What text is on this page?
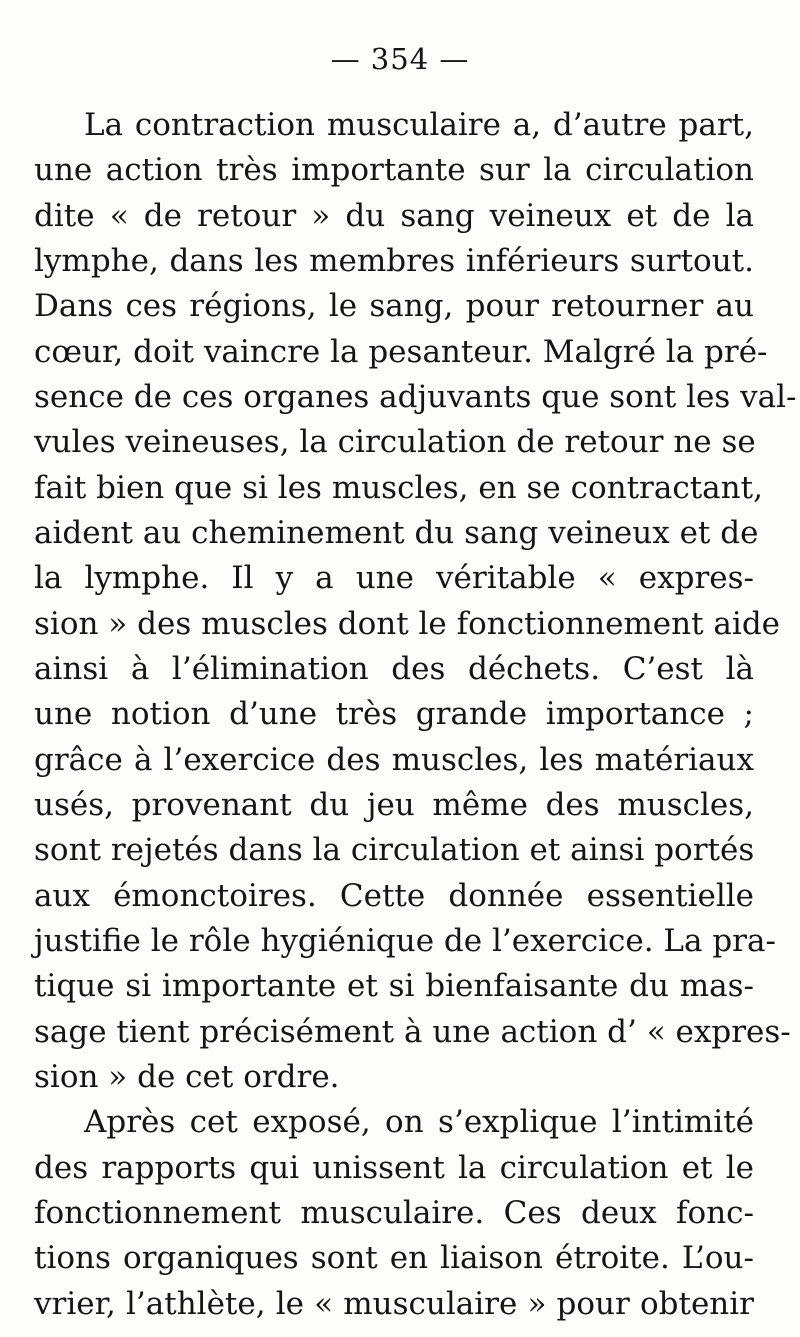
— 354 —
La contraction musculaire a, d’autre part,
une action très importante sur la circulation
dite « de retour » du sang veineux et de la
lymphe, dans les membres inférieurs surtout.
Dans ces régions, le sang, pour retourner au
cœur, doit vaincre la pesanteur. Malgré la pré-
sence de ces organes adjuvants que sont les val-
vules veineuses, la circulation de retour ne se
fait bien que si les muscles, en se contractant,
aident au cheminement du sang veineux et de
la lymphe. Il y a une véritable « expres-
sion » des muscles dont le fonctionnement aide
ainsi à l’élimination des déchets. C’est là
une notion d’une très grande importance ;
grâce à l’exercice des muscles, les matériaux
usés, provenant du jeu même des muscles,
sont rejetés dans la circulation et ainsi portés
aux émonctoires. Cette donnée essentielle
justifie le rôle hygiénique de l’exercice. La pra-
tique si importante et si bienfaisante du mas-
sage tient précisément à une action d’ « expres-
sion » de cet ordre.
Après cet exposé, on s’explique l’intimité
des rapports qui unissent la circulation et le
fonctionnement musculaire. Ces deux fonc-
tions organiques sont en liaison étroite. L’ou-
vrier, l’athlète, le « musculaire » pour obtenir
